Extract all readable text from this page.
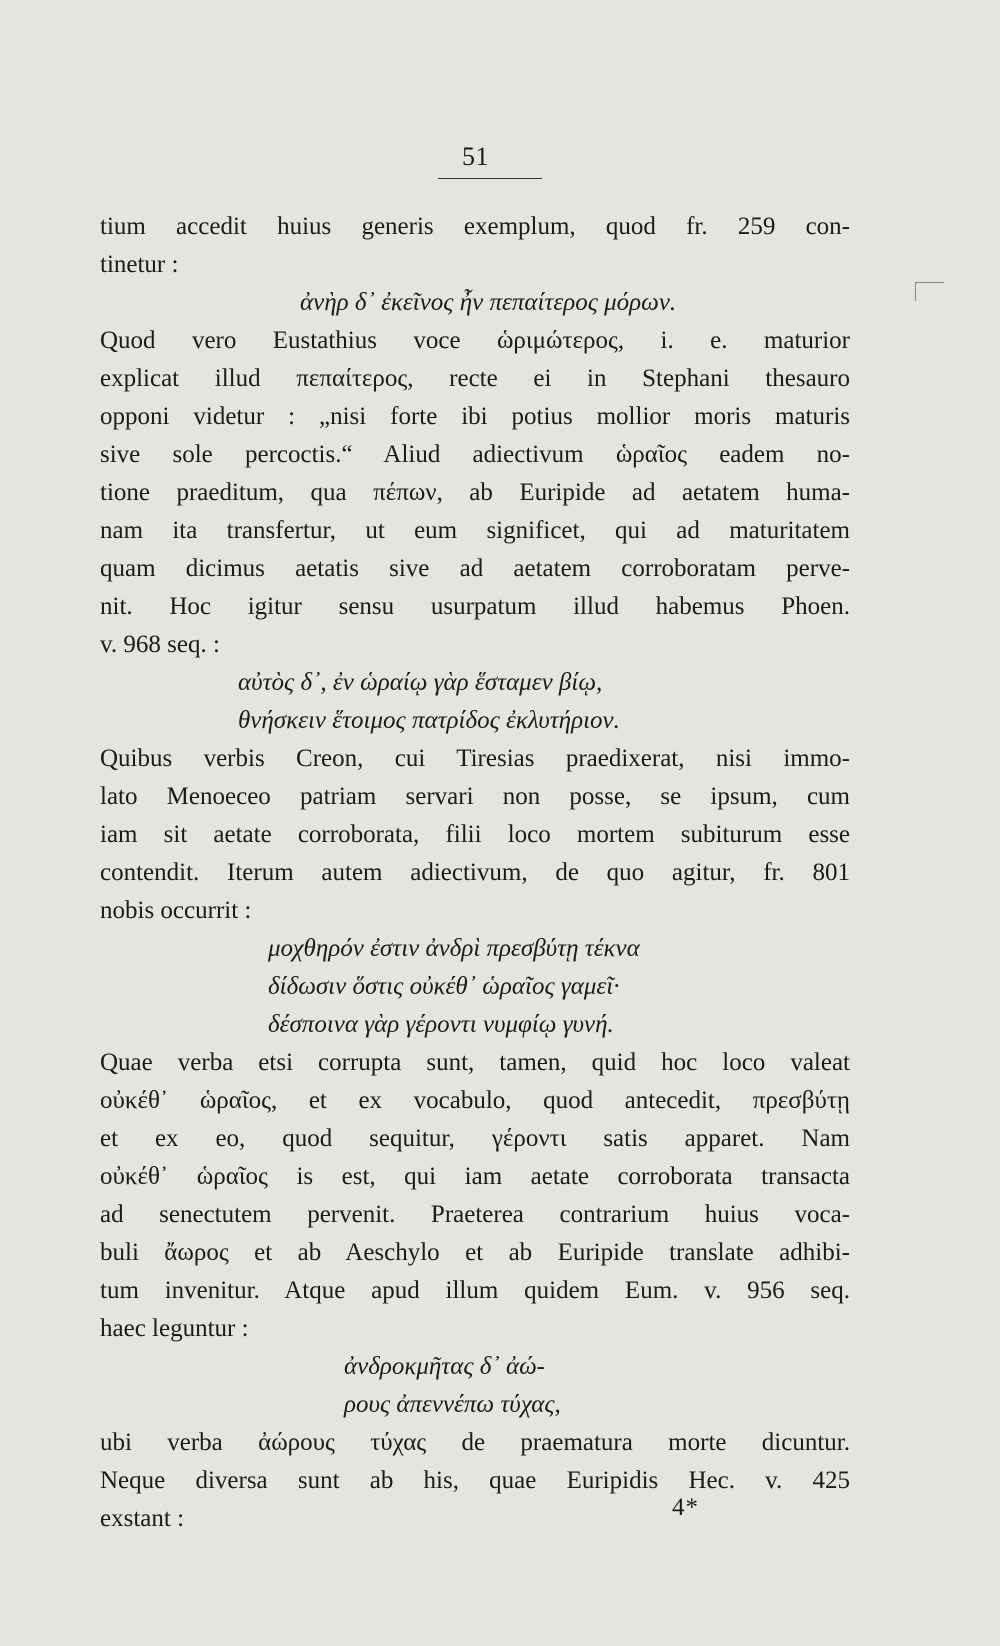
51
tium accedit huius generis exemplum, quod fr. 259 con-
tinetur :
ἀνὴρ δ᾽ ἐκεῖνος ἦν πεπαίτερος μόρων.
Quod vero Eustathius voce ὡριμώτερος, i. e. maturior
explicat illud πεπαίτερος, recte ei in Stephani thesauro
opponi videtur : „nisi forte ibi potius mollior moris maturis
sive sole percoctis.“ Aliud adiectivum ὡραῖος eadem no-
tione praeditum, qua πέπων, ab Euripide ad aetatem huma-
nam ita transfertur, ut eum significet, qui ad maturitatem
quam dicimus aetatis sive ad aetatem corroboratam perve-
nit. Hoc igitur sensu usurpatum illud habemus Phoen.
v. 968 seq. :
αὐτὸς δ᾽, ἐν ὡραίῳ γὰρ ἕσταμεν βίῳ,
θνήσκειν ἕτοιμος πατρίδος ἐκλυτήριον.
Quibus verbis Creon, cui Tiresias praedixerat, nisi immo-
lato Menoeceo patriam servari non posse, se ipsum, cum
iam sit aetate corroborata, filii loco mortem subiturum esse
contendit. Iterum autem adiectivum, de quo agitur, fr. 801
nobis occurrit :
μοχθηρόν ἐστιν ἀνδρὶ πρεσβύτῃ τέκνα
δίδωσιν ὅστις οὐκέθ᾽ ὡραῖος γαμεῖ·
δέσποινα γὰρ γέροντι νυμφίῳ γυνή.
Quae verba etsi corrupta sunt, tamen, quid hoc loco valeat
οὐκέθ᾽ ὡραῖος, et ex vocabulo, quod antecedit, πρεσβύτῃ
et ex eo, quod sequitur, γέροντι satis apparet. Nam
οὐκέθ᾽ ὡραῖος is est, qui iam aetate corroborata transacta
ad senectutem pervenit. Praeterea contrarium huius voca-
buli ἄωρος et ab Aeschylo et ab Euripide translate adhibi-
tum invenitur. Atque apud illum quidem Eum. v. 956 seq.
haec leguntur :
ἀνδροκμῆτας δ᾽ ἀώ-
ρους ἀπεννέπω τύχας,
ubi verba ἀώρους τύχας de praematura morte dicuntur.
Neque diversa sunt ab his, quae Euripidis Hec. v. 425
exstant :	4*
